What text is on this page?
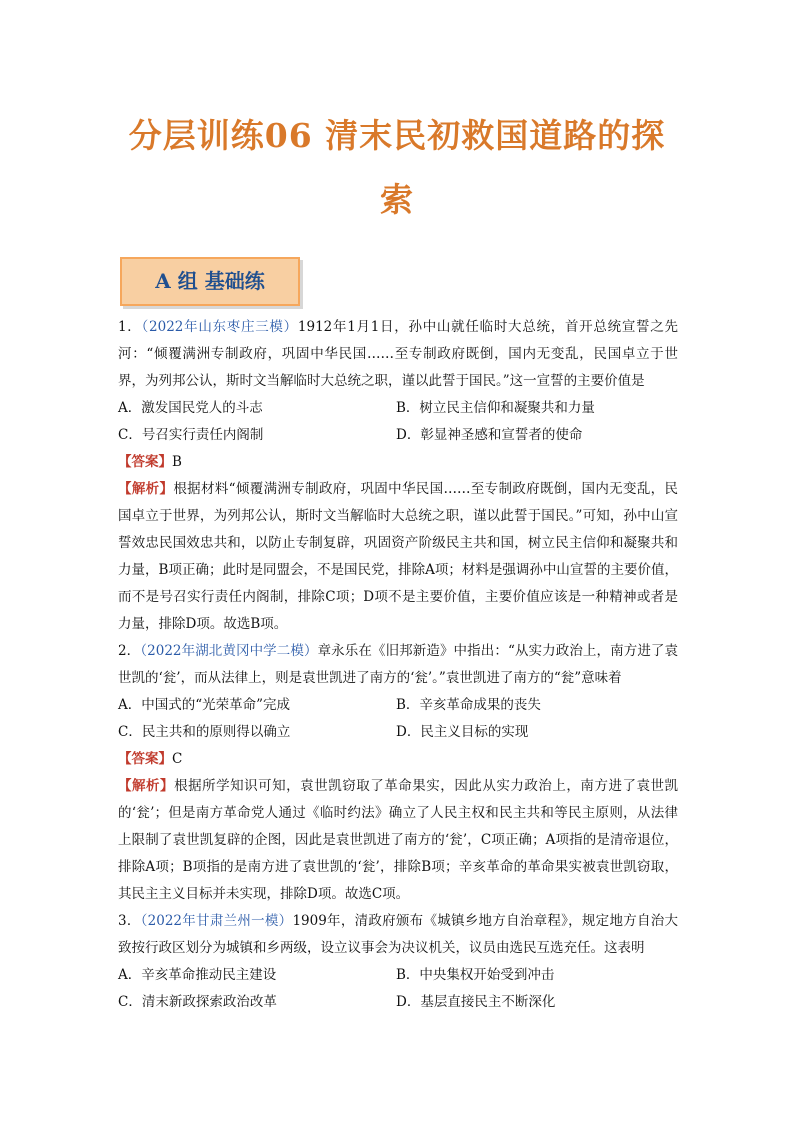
分层训练06 清末民初救国道路的探
索
A 组 基础练

1．（2022年山东枣庄三模）1912年1月1日，孙中山就任临时大总统，首开总统宣誓之先河：“倾覆满洲专制政府，巩固中华民国……至专制政府既倒，国内无变乱，民国卓立于世界，为列邦公认，斯时文当解临时大总统之职，谨以此誓于国民。”这一宣誓的主要价值是

A．激发国民党人的斗志	B．树立民主信仰和凝聚共和力量
C．号召实行责任内阁制	D．彰显神圣感和宣誓者的使命

【答案】B

【解析】根据材料“倾覆满洲专制政府，巩固中华民国……至专制政府既倒，国内无变乱，民国卓立于世界，为列邦公认，斯时文当解临时大总统之职，谨以此誓于国民。”可知，孙中山宣誓效忠民国效忠共和，以防止专制复辟，巩固资产阶级民主共和国，树立民主信仰和凝聚共和力量，B项正确；此时是同盟会，不是国民党，排除A项；材料是强调孙中山宣誓的主要价值，而不是号召实行责任内阁制，排除C项；D项不是主要价值，主要价值应该是一种精神或者是力量，排除D项。故选B项。

2．（2022年湖北黄冈中学二模）章永乐在《旧邦新造》中指出：“从实力政治上，南方进了袁世凯的‘瓮’，而从法律上，则是袁世凯进了南方的‘瓮’。”袁世凯进了南方的“瓮”意味着

A．中国式的“光荣革命”完成	B．辛亥革命成果的丧失
C．民主共和的原则得以确立	D．民主义目标的实现

【答案】C

【解析】根据所学知识可知，袁世凯窃取了革命果实，因此从实力政治上，南方进了袁世凯的‘瓮’；但是南方革命党人通过《临时约法》确立了人民主权和民主共和等民主原则，从法律上限制了袁世凯复辟的企图，因此是袁世凯进了南方的‘瓮’，C项正确；A项指的是清帝退位，排除A项；B项指的是南方进了袁世凯的‘瓮’，排除B项；辛亥革命的革命果实被袁世凯窃取，其民主主义目标并未实现，排除D项。故选C项。

3．（2022年甘肃兰州一模）1909年，清政府颁布《城镇乡地方自治章程》，规定地方自治大致按行政区划分为城镇和乡两级，设立议事会为决议机关，议员由选民互选充任。这表明

A．辛亥革命推动民主建设	B．中央集权开始受到冲击
C．清末新政探索政治改革	D．基层直接民主不断深化
